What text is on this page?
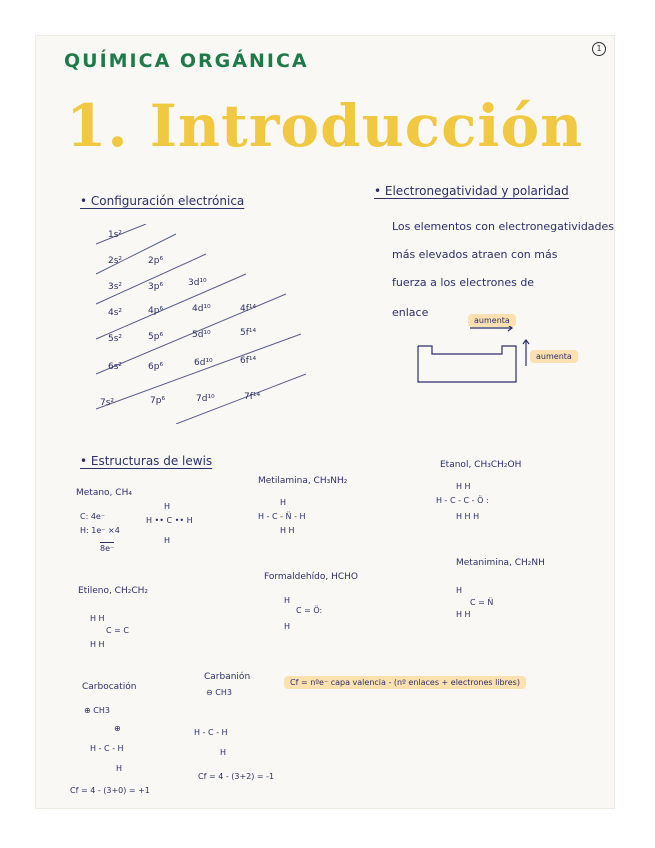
1
QUÍMICA ORGÁNICA
1. Introducción
• Configuración electrónica
1s²
2s²	2p⁶
3s²	3p⁶	3d¹⁰
4s²	4p⁶	4d¹⁰	4f¹⁴
5s²	5p⁶	5d¹⁰	5f¹⁴
6s²	6p⁶	6d¹⁰	6f¹⁴
7s²	7p⁶	7d¹⁰	7f¹⁴
• Electronegatividad y polaridad
Los elementos con electronegatividades
más elevados atraen con más
fuerza a los electrones de
enlace
aumenta
aumenta
• Estructuras de lewis
Metano, CH₄
C: 4e⁻
H: 1e⁻ ×4
8e⁻
H
H •• C •• H
H
Metilamina, CH₃NH₂
H
H - C - N̈ - H
H H
Etanol, CH₃CH₂OH
H H
H - C - C - Ö :
H H H
Etileno, CH₂CH₂
H H
C = C
H H
Formaldehído, HCHO
H
C = Ö:
H
Metanimina, CH₂NH
H
C = N̈
H H
Carbocatión
⊕ CH3
⊕
H - C - H
H
Cf = 4 - (3+0) = +1
Carbanión
⊖ CH3
H - C - H
H
Cf = 4 - (3+2) = -1
Cf = nºe⁻ capa valencia - (nº enlaces + electrones libres)
